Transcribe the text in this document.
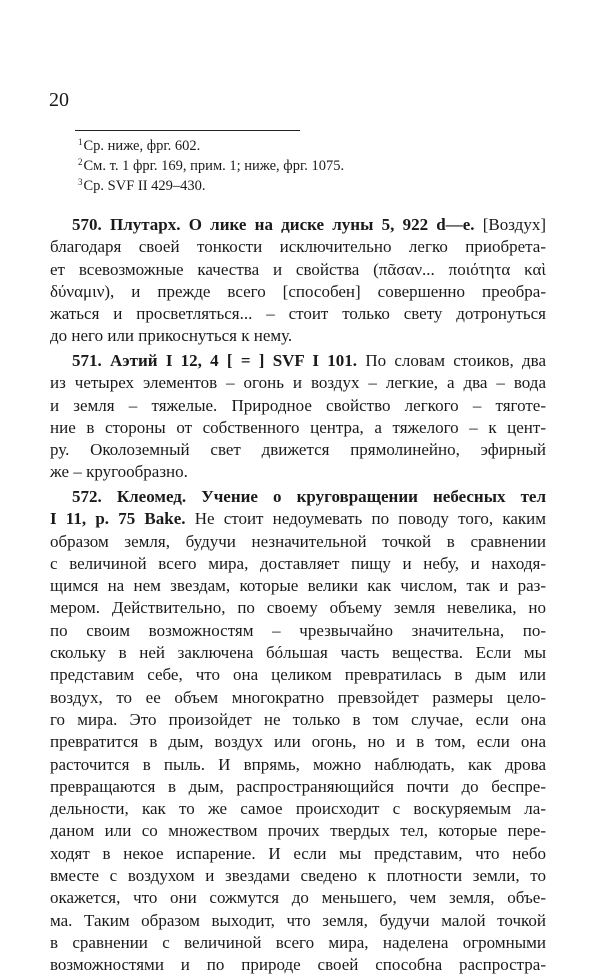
20
$^1$Ср. ниже, фрг. 602.
$^2$См. т. 1 фрг. 169, прим. 1; ниже, фрг. 1075.
$^3$Ср. SVF II 429–430.
570. Плутарх. О лике на диске луны 5, 922 d—e. [Воздух]
благодаря своей тонкости исключительно легко приобрета-
ет всевозможные качества и свойства (πᾶσαν... ποιότητα καὶ
δύναμιν), и прежде всего [способен] совершенно преобра-
жаться и просветляться... – стоит только свету дотронуться
до него или прикоснуться к нему.
571. Аэтий I 12, 4 [ = ] SVF I 101. По словам стоиков, два
из четырех элементов – огонь и воздух – легкие, а два – вода
и земля – тяжелые. Природное свойство легкого – тяготе-
ние в стороны от собственного центра, а тяжелого – к цент-
ру. Околоземный свет движется прямолинейно, эфирный
же – кругообразно.
572. Клеомед. Учение о круговращении небесных тел
I 11, p. 75 Bake. Не стоит недоумевать по поводу того, каким
образом земля, будучи незначительной точкой в сравнении
с величиной всего мира, доставляет пищу и небу, и находя-
щимся на нем звездам, которые велики как числом, так и раз-
мером. Действительно, по своему объему земля невелика, но
по своим возможностям – чрезвычайно значительна, по-
скольку в ней заключена бóльшая часть вещества. Если мы
представим себе, что она целиком превратилась в дым или
воздух, то ее объем многократно превзойдет размеры цело-
го мира. Это произойдет не только в том случае, если она
превратится в дым, воздух или огонь, но и в том, если она
расточится в пыль. И впрямь, можно наблюдать, как дрова
превращаются в дым, распространяющийся почти до беспре-
дельности, как то же самое происходит с воскуряемым ла-
даном или со множеством прочих твердых тел, которые пере-
ходят в некое испарение. И если мы представим, что небо
вместе с воздухом и звездами сведено к плотности земли, то
окажется, что они сожмутся до меньшего, чем земля, объе-
ма. Таким образом выходит, что земля, будучи малой точкой
в сравнении с величиной всего мира, наделена огромными
возможностями и по природе своей способна распростра-
